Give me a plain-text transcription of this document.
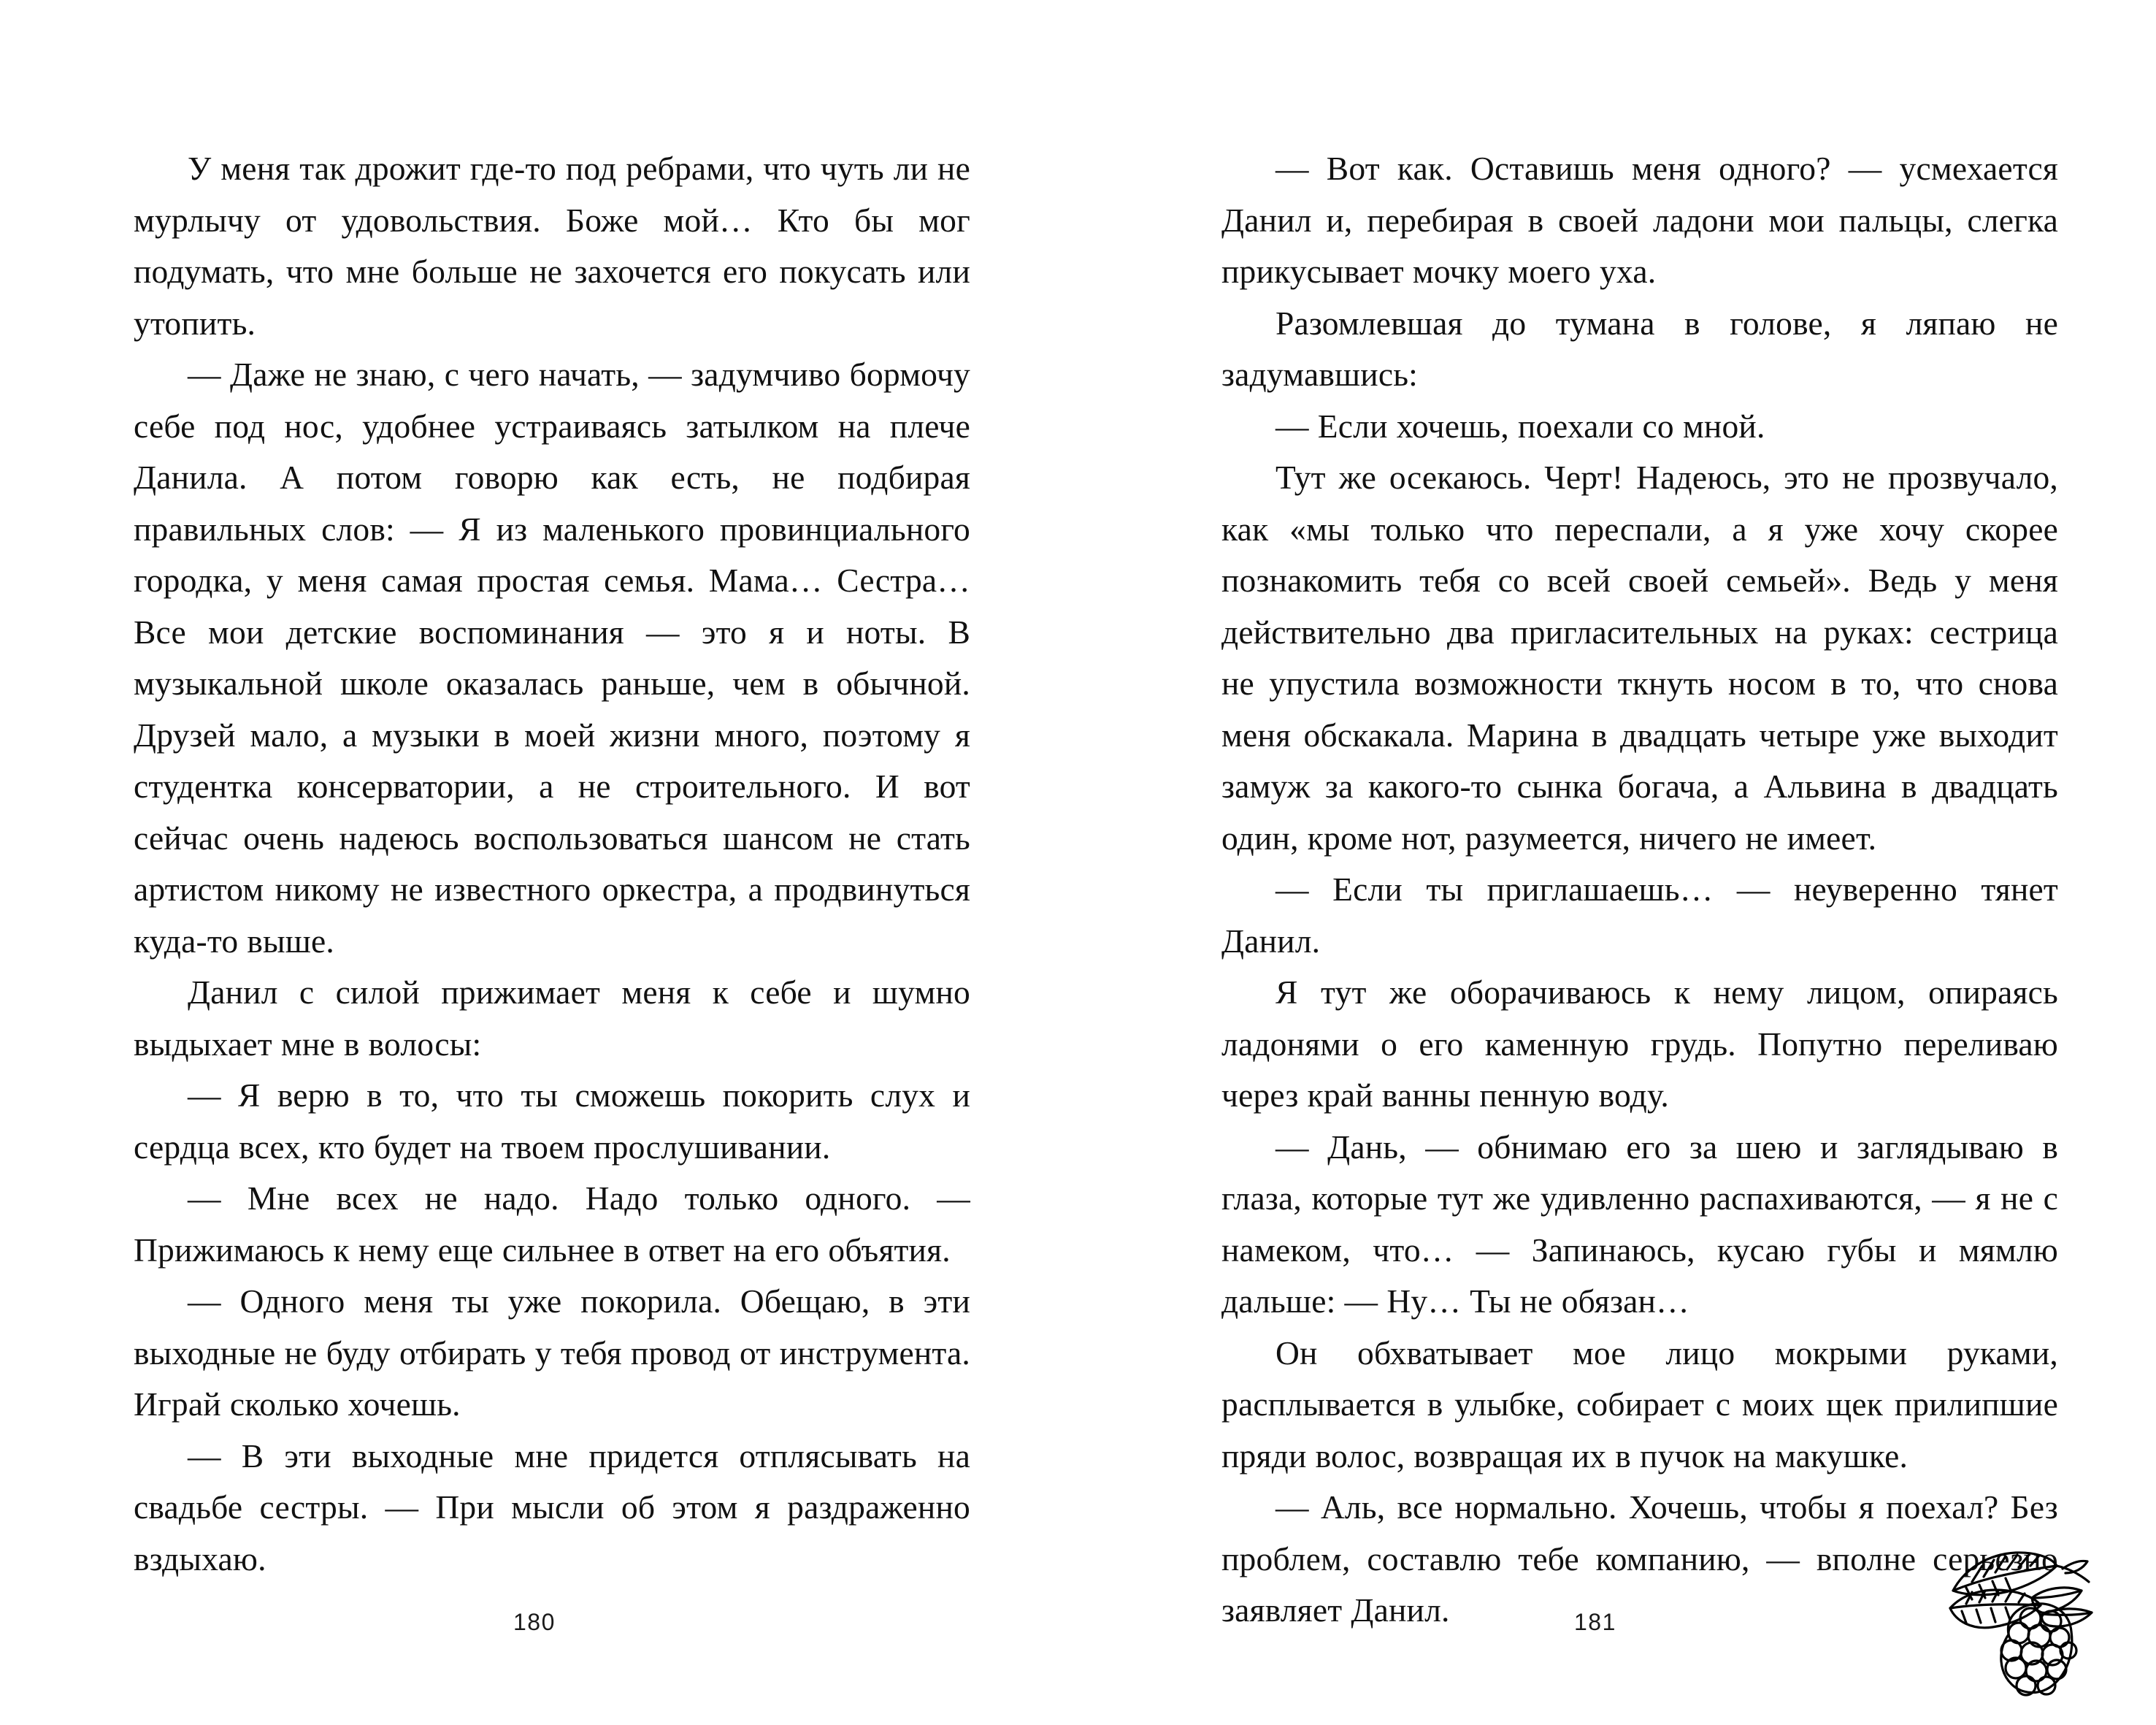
У меня так дрожит где-то под ребрами, что чуть ли не мурлычу от удовольствия. Боже мой… Кто бы мог подумать, что мне больше не захочется его покусать или утопить.

— Даже не знаю, с чего начать, — задумчиво бормочу себе под нос, удобнее устраиваясь затылком на плече Данила. А потом говорю как есть, не подбирая правильных слов: — Я из маленького провинциального городка, у меня самая простая семья. Мама… Сестра… Все мои детские воспоминания — это я и ноты. В музыкальной школе оказалась раньше, чем в обычной. Друзей мало, а музыки в моей жизни много, поэтому я студентка консерватории, а не строительного. И вот сейчас очень надеюсь воспользоваться шансом не стать артистом никому не известного оркестра, а продвинуться куда-то выше.

Данил с силой прижимает меня к себе и шумно выдыхает мне в волосы:

— Я верю в то, что ты сможешь покорить слух и сердца всех, кто будет на твоем прослушивании.

— Мне всех не надо. Надо только одного. — Прижимаюсь к нему еще сильнее в ответ на его объятия.

— Одного меня ты уже покорила. Обещаю, в эти выходные не буду отбирать у тебя провод от инструмента. Играй сколько хочешь.

— В эти выходные мне придется отплясывать на свадьбе сестры. — При мысли об этом я раздраженно вздыхаю.

180

— Вот как. Оставишь меня одного? — усмехается Данил и, перебирая в своей ладони мои пальцы, слегка прикусывает мочку моего уха.

Разомлевшая до тумана в голове, я ляпаю не задумавшись:

— Если хочешь, поехали со мной.

Тут же осекаюсь. Черт! Надеюсь, это не прозвучало, как «мы только что переспали, а я уже хочу скорее познакомить тебя со всей своей семьей». Ведь у меня действительно два пригласительных на руках: сестрица не упустила возможности ткнуть носом в то, что снова меня обскакала. Марина в двадцать четыре уже выходит замуж за какого-то сынка богача, а Альвина в двадцать один, кроме нот, разумеется, ничего не имеет.

— Если ты приглашаешь… — неуверенно тянет Данил.

Я тут же оборачиваюсь к нему лицом, опираясь ладонями о его каменную грудь. Попутно переливаю через край ванны пенную воду.

— Дань, — обнимаю его за шею и заглядываю в глаза, которые тут же удивленно распахиваются, — я не с намеком, что… — Запинаюсь, кусаю губы и мямлю дальше: — Ну… Ты не обязан…

Он обхватывает мое лицо мокрыми руками, расплывается в улыбке, собирает с моих щек прилипшие пряди волос, возвращая их в пучок на макушке.

— Аль, все нормально. Хочешь, чтобы я поехал? Без проблем, составлю тебе компанию, — вполне серьезно заявляет Данил.	181
